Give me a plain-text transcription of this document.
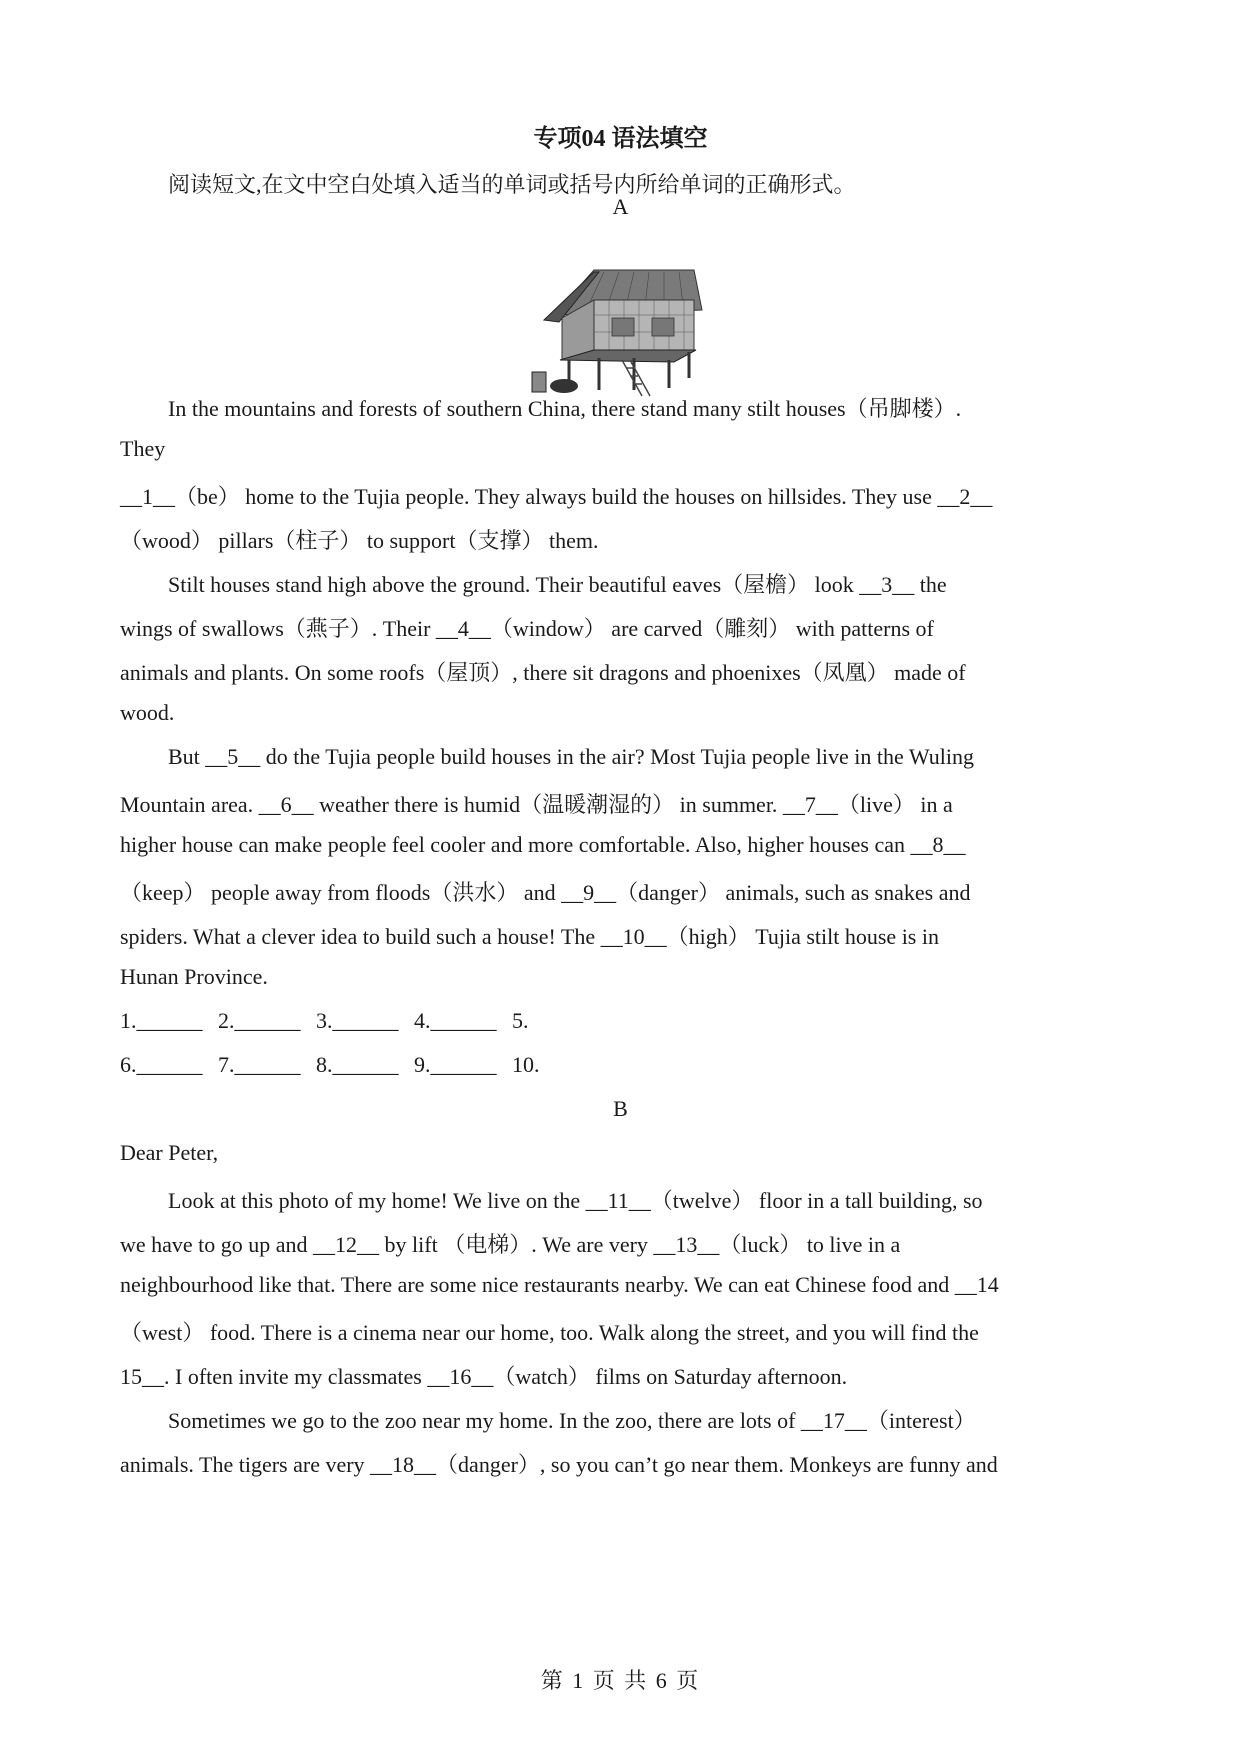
专项04 语法填空
阅读短文,在文中空白处填入适当的单词或括号内所给单词的正确形式。
A
In the mountains and forests of southern China, there stand many stilt houses（吊脚楼）.
They
__1__（be） home to the Tujia people. They always build the houses on hillsides. They use __2__
（wood） pillars（柱子） to support（支撑） them.
Stilt houses stand high above the ground. Their beautiful eaves（屋檐） look __3__ the
wings of swallows（燕子）. Their __4__（window） are carved（雕刻） with patterns of
animals and plants. On some roofs（屋顶）, there sit dragons and phoenixes（凤凰） made of
wood.
But __5__ do the Tujia people build houses in the air? Most Tujia people live in the Wuling
Mountain area. __6__ weather there is humid（温暖潮湿的） in summer. __7__（live） in a
higher house can make people feel cooler and more comfortable. Also, higher houses can __8__
（keep） people away from floods（洪水） and __9__（danger） animals, such as snakes and
spiders. What a clever idea to build such a house! The __10__（high） Tujia stilt house is in
Hunan Province.
1.______ 2.______ 3.______ 4.______ 5.
6.______ 7.______ 8.______ 9.______ 10.
B
Dear Peter,
Look at this photo of my home! We live on the __11__（twelve） floor in a tall building, so
we have to go up and __12__ by lift （电梯）. We are very __13__（luck） to live in a
neighbourhood like that. There are some nice restaurants nearby. We can eat Chinese food and __14
（west） food. There is a cinema near our home, too. Walk along the street, and you will find the
15__. I often invite my classmates __16__（watch） films on Saturday afternoon.
Sometimes we go to the zoo near my home. In the zoo, there are lots of __17__（interest）
animals. The tigers are very __18__（danger）, so you can’t go near them. Monkeys are funny and
第 1 页 共 6 页
